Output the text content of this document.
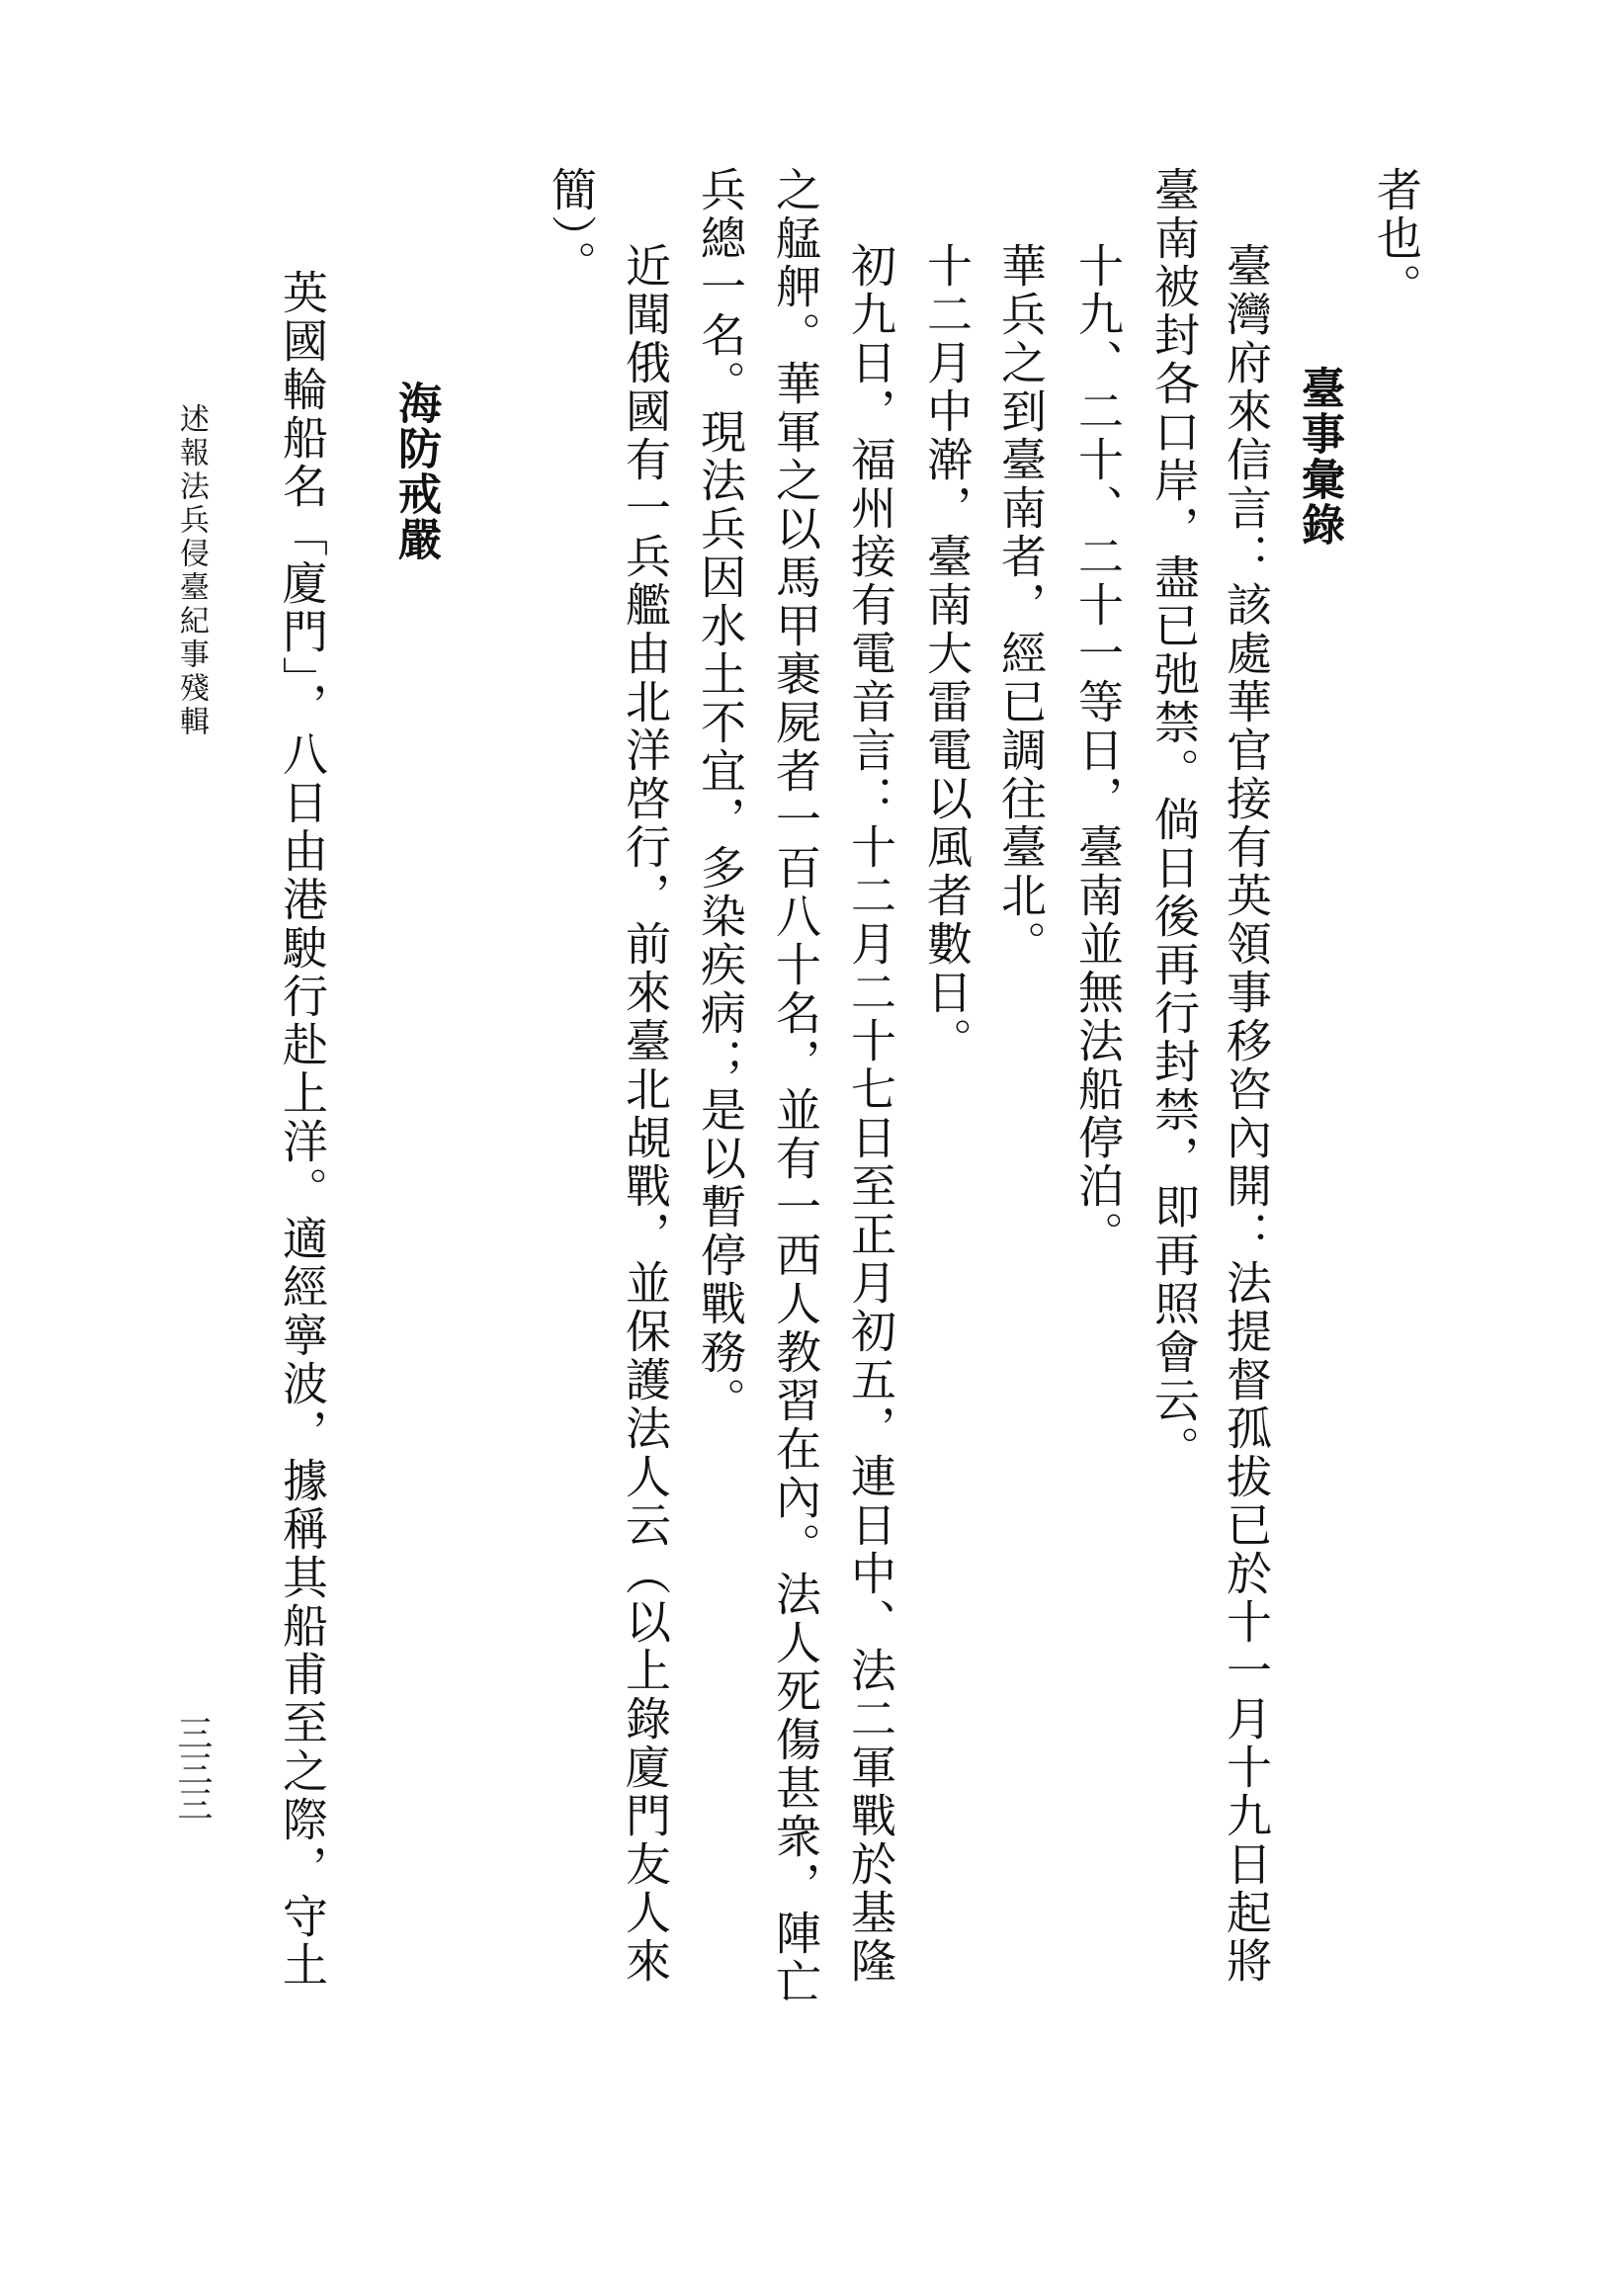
者也。
臺事彙錄
臺灣府來信言：該處華官接有英領事移咨內開：法提督孤拔已於十一月十九日起將
臺南被封各口岸，盡已弛禁。倘日後再行封禁，即再照會云。
十九、二十、二十一等日，臺南並無法船停泊。
華兵之到臺南者，經已調往臺北。
十二月中澣，臺南大雷電以風者數日。
初九日，福州接有電音言：十二月二十七日至正月初五，連日中、法二軍戰於基隆
之艋舺。華軍之以馬甲裹屍者一百八十名，並有一西人教習在內。法人死傷甚衆，陣亡
兵總一名。現法兵因水土不宜，多染疾病；是以暫停戰務。
近聞俄國有一兵艦由北洋啓行，前來臺北覘戰，並保護法人云（以上錄廈門友人來
簡）。
海防戒嚴
英國輪船名「廈門」，八日由港駛行赴上洋。適經寧波，據稱其船甫至之際，守土
述報法兵侵臺紀事殘輯
三三三
